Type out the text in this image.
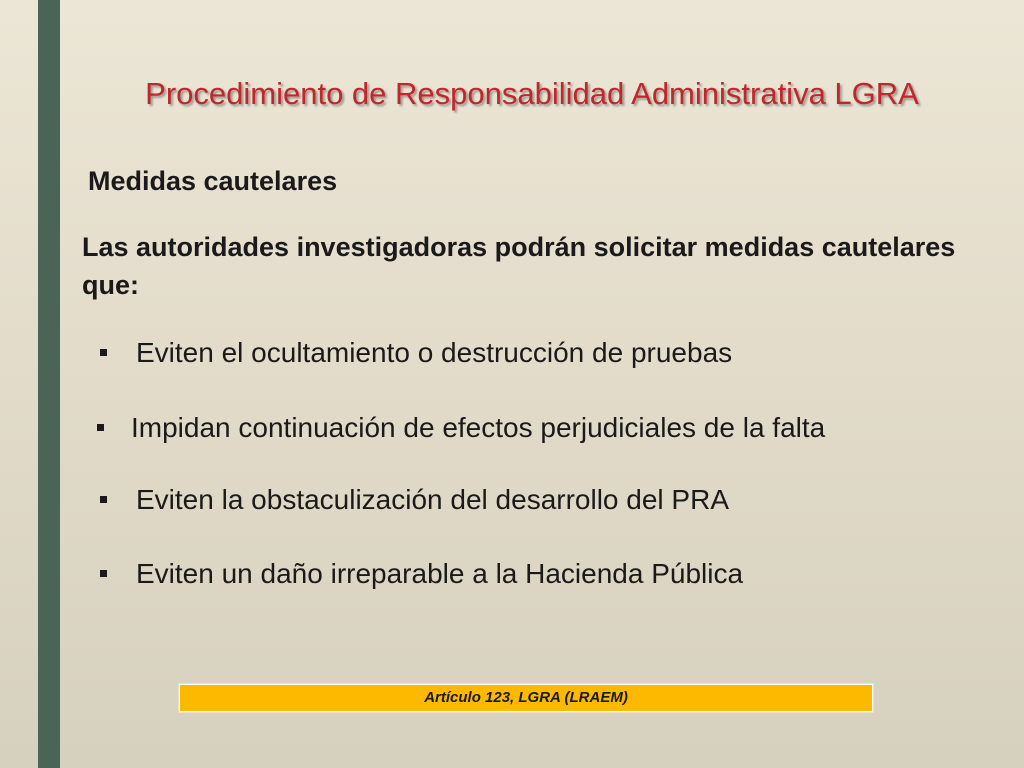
Procedimiento de Responsabilidad Administrativa LGRA
Medidas cautelares
Las autoridades investigadoras podrán solicitar medidas cautelares que:
Eviten el ocultamiento o destrucción de pruebas
Impidan continuación de efectos perjudiciales de la falta
Eviten la obstaculización del desarrollo del PRA
Eviten un daño irreparable a la Hacienda Pública
Artículo 123, LGRA (LRAEM)
